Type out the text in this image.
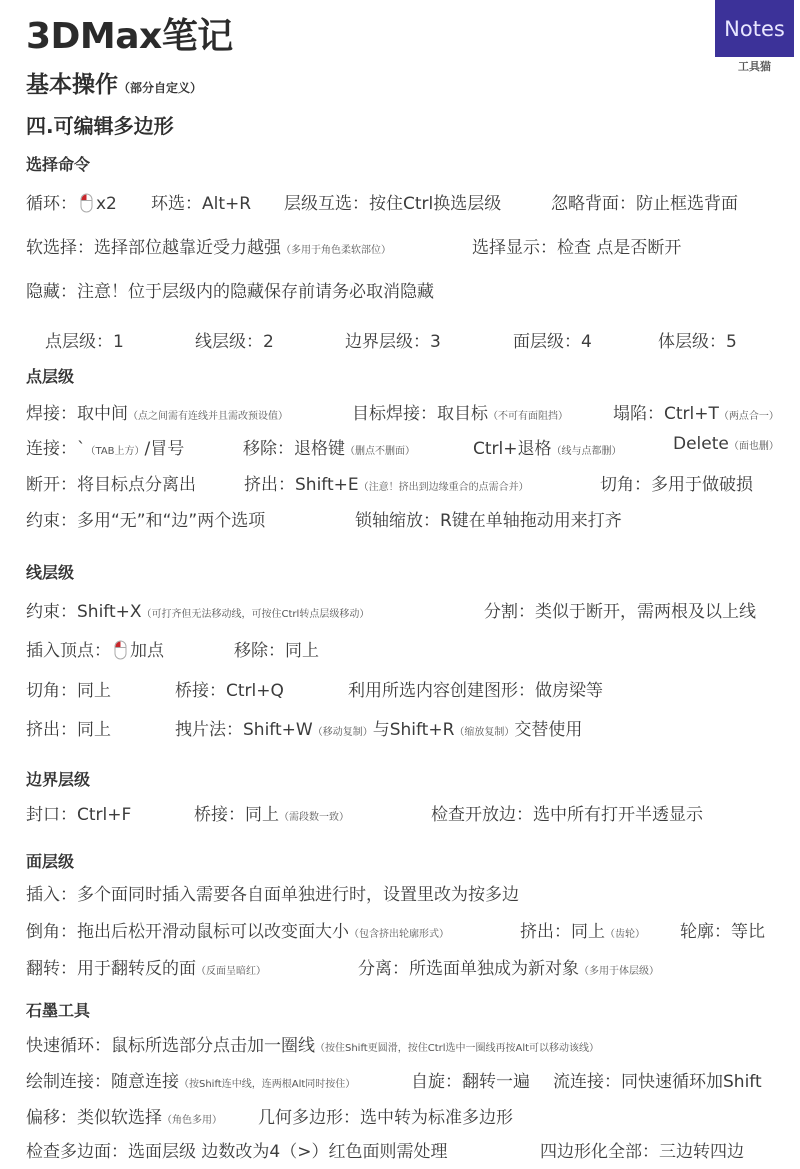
3DMax笔记
基本操作（部分自定义）
四.可编辑多边形
Notes
工具猫
选择命令
循环： x2 环选：Alt+R 层级互选：按住Ctrl换选层级	忽略背面：防止框选背面
软选择：选择部位越靠近受力越强（多用于角色柔软部位）	选择显示：检查 点是否断开
隐藏：注意！位于层级内的隐藏保存前请务必取消隐藏
点层级：1	线层级：2	边界层级：3	面层级：4	体层级：5
点层级
焊接：取中间（点之间需有连线并且需改预设值）	目标焊接：取目标（不可有面阻挡）	塌陷：Ctrl+T（两点合一）
连接：`（TAB上方）/冒号	移除：退格键（删点不删面）	Ctrl+退格（线与点都删）	Delete（面也删）
断开：将目标点分离出	挤出：Shift+E（注意！挤出到边缘重合的点需合并）	切角：多用于做破损
约束：多用“无”和“边”两个选项	锁轴缩放：R键在单轴拖动用来打齐
线层级
约束：Shift+X（可打齐但无法移动线，可按住Ctrl转点层级移动）	分割：类似于断开，需两根及以上线
插入顶点： 加点	移除：同上
切角：同上	桥接：Ctrl+Q	利用所选内容创建图形：做房梁等
挤出：同上	拽片法：Shift+W（移动复制）与Shift+R（缩放复制）交替使用
边界层级
封口：Ctrl+F	桥接：同上（需段数一致）	检查开放边：选中所有打开半透显示
面层级
插入：多个面同时插入需要各自面单独进行时，设置里改为按多边
倒角：拖出后松开滑动鼠标可以改变面大小（包含挤出轮廓形式）	挤出：同上（齿轮） 轮廓：等比
翻转：用于翻转反的面（反面呈暗红）	分离：所选面单独成为新对象（多用于体层级）
石墨工具
快速循环：鼠标所选部分点击加一圈线（按住Shift更圆滑，按住Ctrl选中一圈线再按Alt可以移动该线）
绘制连接：随意连接（按Shift连中线，连两根Alt同时按住）	自旋：翻转一遍 流连接：同快速循环加Shift
偏移：类似软选择（角色多用） 几何多边形：选中转为标准多边形
检查多边面：选面层级 边数改为4（>）红色面则需处理	四边形化全部：三边转四边
